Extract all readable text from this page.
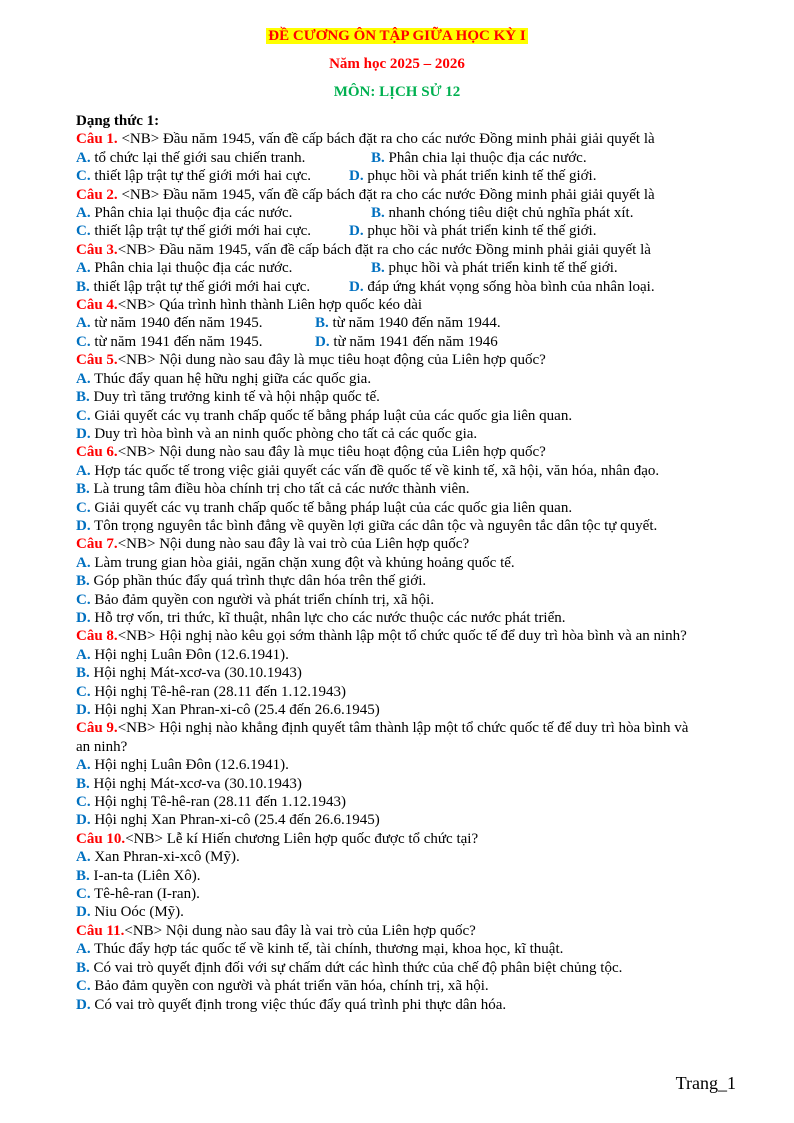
ĐỀ CƯƠNG ÔN TẬP GIỮA HỌC KỲ I
Năm học 2025 – 2026
MÔN: LỊCH SỬ 12
Dạng thức 1:
Câu 1. <NB> Đầu năm 1945, vấn đề cấp bách đặt ra cho các nước Đồng minh phải giải quyết là
A. tổ chức lại thế giới sau chiến tranh.	B. Phân chia lại thuộc địa các nước.
C. thiết lập trật tự thế giới mới hai cực.	D. phục hồi và phát triển kinh tế thế giới.
Câu 2. <NB> Đầu năm 1945, vấn đề cấp bách đặt ra cho các nước Đồng minh phải giải quyết là
A. Phân chia lại thuộc địa các nước.	B. nhanh chóng tiêu diệt chủ nghĩa phát xít.
C. thiết lập trật tự thế giới mới hai cực.	D. phục hồi và phát triển kinh tế thế giới.
Câu 3.<NB> Đầu năm 1945, vấn đề cấp bách đặt ra cho các nước Đồng minh phải giải quyết là
A. Phân chia lại thuộc địa các nước.	B. phục hồi và phát triển kinh tế thế giới.
B. thiết lập trật tự thế giới mới hai cực.	D. đáp ứng khát vọng sống hòa bình của nhân loại.
Câu 4.<NB> Qúa trình hình thành Liên hợp quốc kéo dài
A. từ năm 1940 đến năm 1945.	B. từ năm 1940 đến năm 1944.
C. từ năm 1941 đến năm 1945.	D. từ năm 1941 đến năm 1946
Câu 5.<NB> Nội dung nào sau đây là mục tiêu hoạt động của Liên hợp quốc?
A. Thúc đẩy quan hệ hữu nghị giữa các quốc gia.
B. Duy trì tăng trưởng kinh tế và hội nhập quốc tế.
C. Giải quyết các vụ tranh chấp quốc tế bằng pháp luật của các quốc gia liên quan.
D. Duy trì hòa bình và an ninh quốc phòng cho tất cả các quốc gia.
Câu 6.<NB> Nội dung nào sau đây là mục tiêu hoạt động của Liên hợp quốc?
A. Hợp tác quốc tế trong việc giải quyết các vấn đề quốc tế về kinh tế, xã hội, văn hóa, nhân đạo.
B. Là trung tâm điều hòa chính trị cho tất cả các nước thành viên.
C. Giải quyết các vụ tranh chấp quốc tế bằng pháp luật của các quốc gia liên quan.
D. Tôn trọng nguyên tắc bình đẳng về quyền lợi giữa các dân tộc và nguyên tắc dân tộc tự quyết.
Câu 7.<NB> Nội dung nào sau đây là vai trò của Liên hợp quốc?
A. Làm trung gian hòa giải, ngăn chặn xung đột và khủng hoảng quốc tế.
B. Góp phần thúc đẩy quá trình thực dân hóa trên thế giới.
C. Bảo đảm quyền con người và phát triển chính trị, xã hội.
D. Hỗ trợ vốn, tri thức, kĩ thuật, nhân lực cho các nước thuộc các nước phát triển.
Câu 8.<NB> Hội nghị nào kêu gọi sớm thành lập một tổ chức quốc tế để duy trì hòa bình và an ninh?
A. Hội nghị Luân Đôn (12.6.1941).
B. Hội nghị Mát-xcơ-va (30.10.1943)
C. Hội nghị Tê-hê-ran (28.11 đến 1.12.1943)
D. Hội nghị Xan Phran-xi-cô (25.4 đến 26.6.1945)
Câu 9.<NB> Hội nghị nào khẳng định quyết tâm thành lập một tổ chức quốc tế để duy trì hòa bình và
an ninh?
A. Hội nghị Luân Đôn (12.6.1941).
B. Hội nghị Mát-xcơ-va (30.10.1943)
C. Hội nghị Tê-hê-ran (28.11 đến 1.12.1943)
D. Hội nghị Xan Phran-xi-cô (25.4 đến 26.6.1945)
Câu 10.<NB> Lễ kí Hiến chương Liên hợp quốc được tổ chức tại?
A. Xan Phran-xi-xcô (Mỹ).
B. I-an-ta (Liên Xô).
C. Tê-hê-ran (I-ran).
D. Niu Oóc (Mỹ).
Câu 11.<NB> Nội dung nào sau đây là vai trò của Liên hợp quốc?
A. Thúc đẩy hợp tác quốc tế về kinh tế, tài chính, thương mại, khoa học, kĩ thuật.
B. Có vai trò quyết định đối với sự chấm dứt các hình thức của chế độ phân biệt chủng tộc.
C. Bảo đảm quyền con người và phát triển văn hóa, chính trị, xã hội.
D. Có vai trò quyết định trong việc thúc đẩy quá trình phi thực dân hóa.
Trang_1
